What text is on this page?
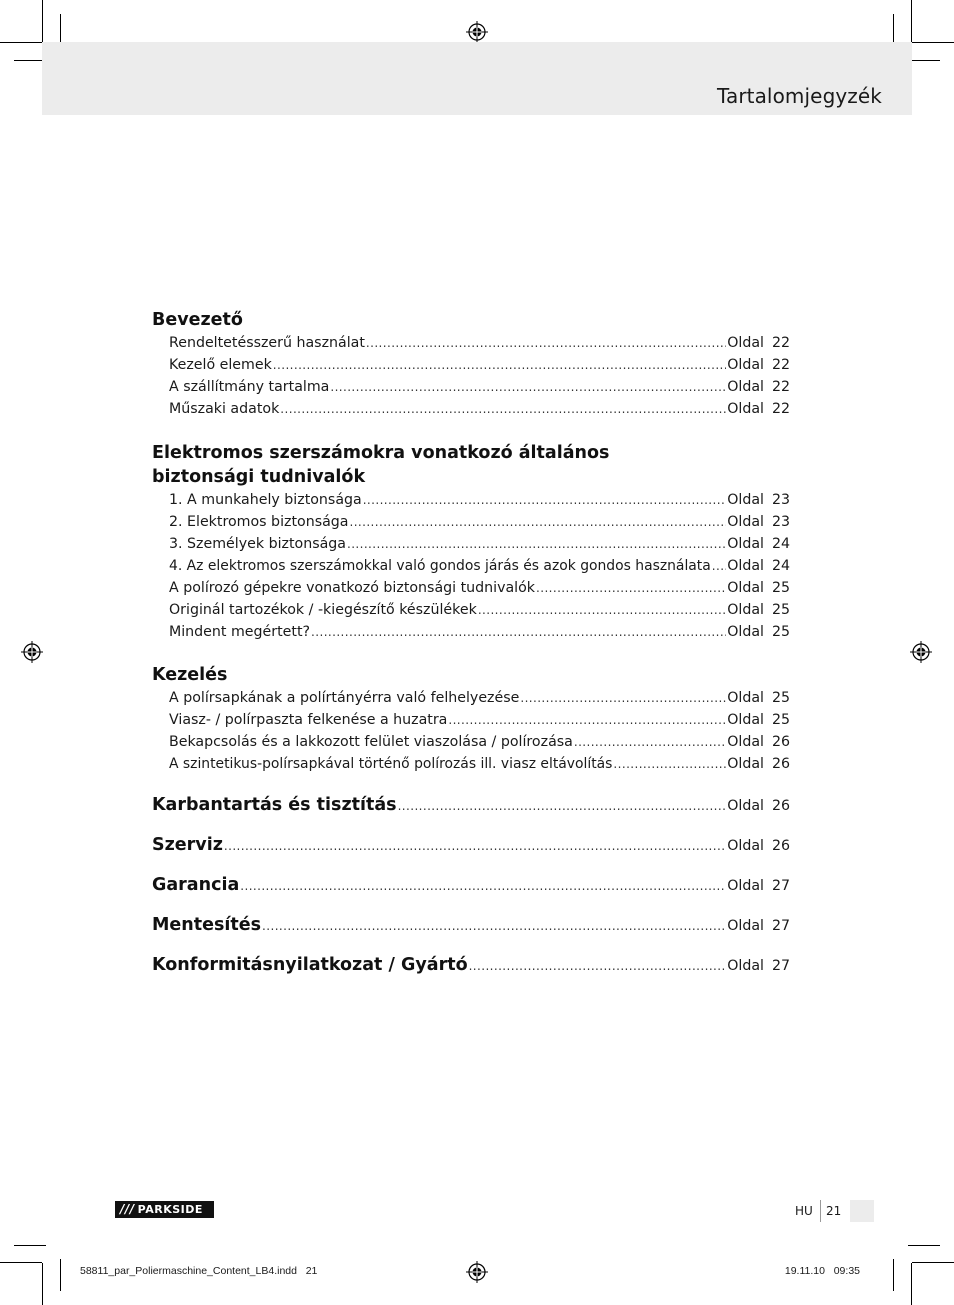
Tartalomjegyzék
Bevezető
Rendeltetésszerű használat .....	Oldal 22
Kezelő elemek .....	Oldal 22
A szállítmány tartalma .....	Oldal 22
Műszaki adatok .....	Oldal 22
Elektromos szerszámokra vonatkozó általános
biztonsági tudnivalók
1. A munkahely biztonsága .....	Oldal 23
2. Elektromos biztonsága .....	Oldal 23
3. Személyek biztonsága .....	Oldal 24
4. Az elektromos szerszámokkal való gondos járás és azok gondos használata ..... Oldal 24
A polírozó gépekre vonatkozó biztonsági tudnivalók .....	Oldal 25
Originál tartozékok / -kiegészítő készülékek .....	Oldal 25
Mindent megértett? .....	Oldal 25
Kezelés
A polírsapkának a polírtányérra való felhelyezése .....	Oldal 25
Viasz- / polírpaszta felkenése a huzatra .....	Oldal 25
Bekapcsolás és a lakkozott felület viaszolása / polírozása .....	Oldal 26
A szintetikus-polírsapkával történő polírozás ill. viasz eltávolítás .....	Oldal 26
Karbantartás és tisztítás .....	Oldal 26
Szerviz .....	Oldal 26
Garancia .....	Oldal 27
Mentesítés .....	Oldal 27
Konformitásnyilatkozat / Gyártó .....	Oldal 27
/// PARKSIDE	HU 21
58811_par_Poliermaschine_Content_LB4.indd   21	19.11.10   09:35
